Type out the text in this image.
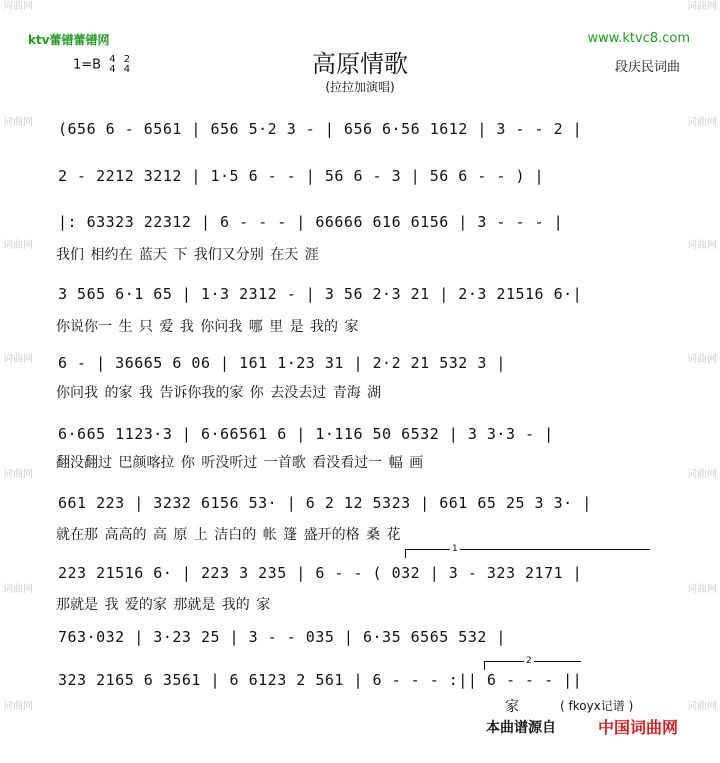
词曲网
词曲网
词曲网
词曲网
词曲网
词曲网
词曲网
词曲网
词曲网
词曲网
词曲网
词曲网
词曲网
词曲网
ktv蕾镨蕾镨网	www.ktvc8.com
1=B 4
4

2
4	高原情歌
(拉拉加演唱)
段庆民词曲
(656 6 - 6561 | 656 5·2 3 - | 656 6·56 1612 | 3 - - 2 |
2 - 2212 3212 | 1·5 6 - - | 56 6 - 3 | 56 6 - - ) |
|: 63323 22312 | 6 - - - | 66666 616 6156 | 3 - - - |
我们 相约在 蓝天 下 我们又分别 在天 涯
3 565 6·1 65 | 1·3 2312 - | 3 56 2·3 21 | 2·3 21516 6·|
你说你一 生 只 爱 我 你问我 哪 里 是 我的 家
6 - | 36665 6 06 | 161 1·23 31 | 2·2 21 532 3 |
你问我 的家 我 告诉你我的家 你 去没去过 青海 湖
6·665 1123·3 | 6·66561 6 | 1·116 50 6532 | 3 3·3 - |
翻没翻过 巴颜喀拉 你 听没听过 一首歌 看没看过一 幅 画
661 223 | 3232 6156 53· | 6 2 12 5323 | 661 65 25 3 3· |
就在那 高高的 高 原 上 洁白的 帐 篷 盛开的格 桑 花
1
223 21516 6· | 223 3 235 | 6 - - ( 032 | 3 - 323 2171 |
那就是 我 爱的家 那就是 我的 家
763·032 | 3·23 25 | 3 - - 035 | 6·35 6565 532 |
2
323 2165 6 3561 | 6 6123 2 561 | 6 - - - :|| 6 - - - ||
家	( fkoyx记谱 )
本曲谱源自	中国词曲网
